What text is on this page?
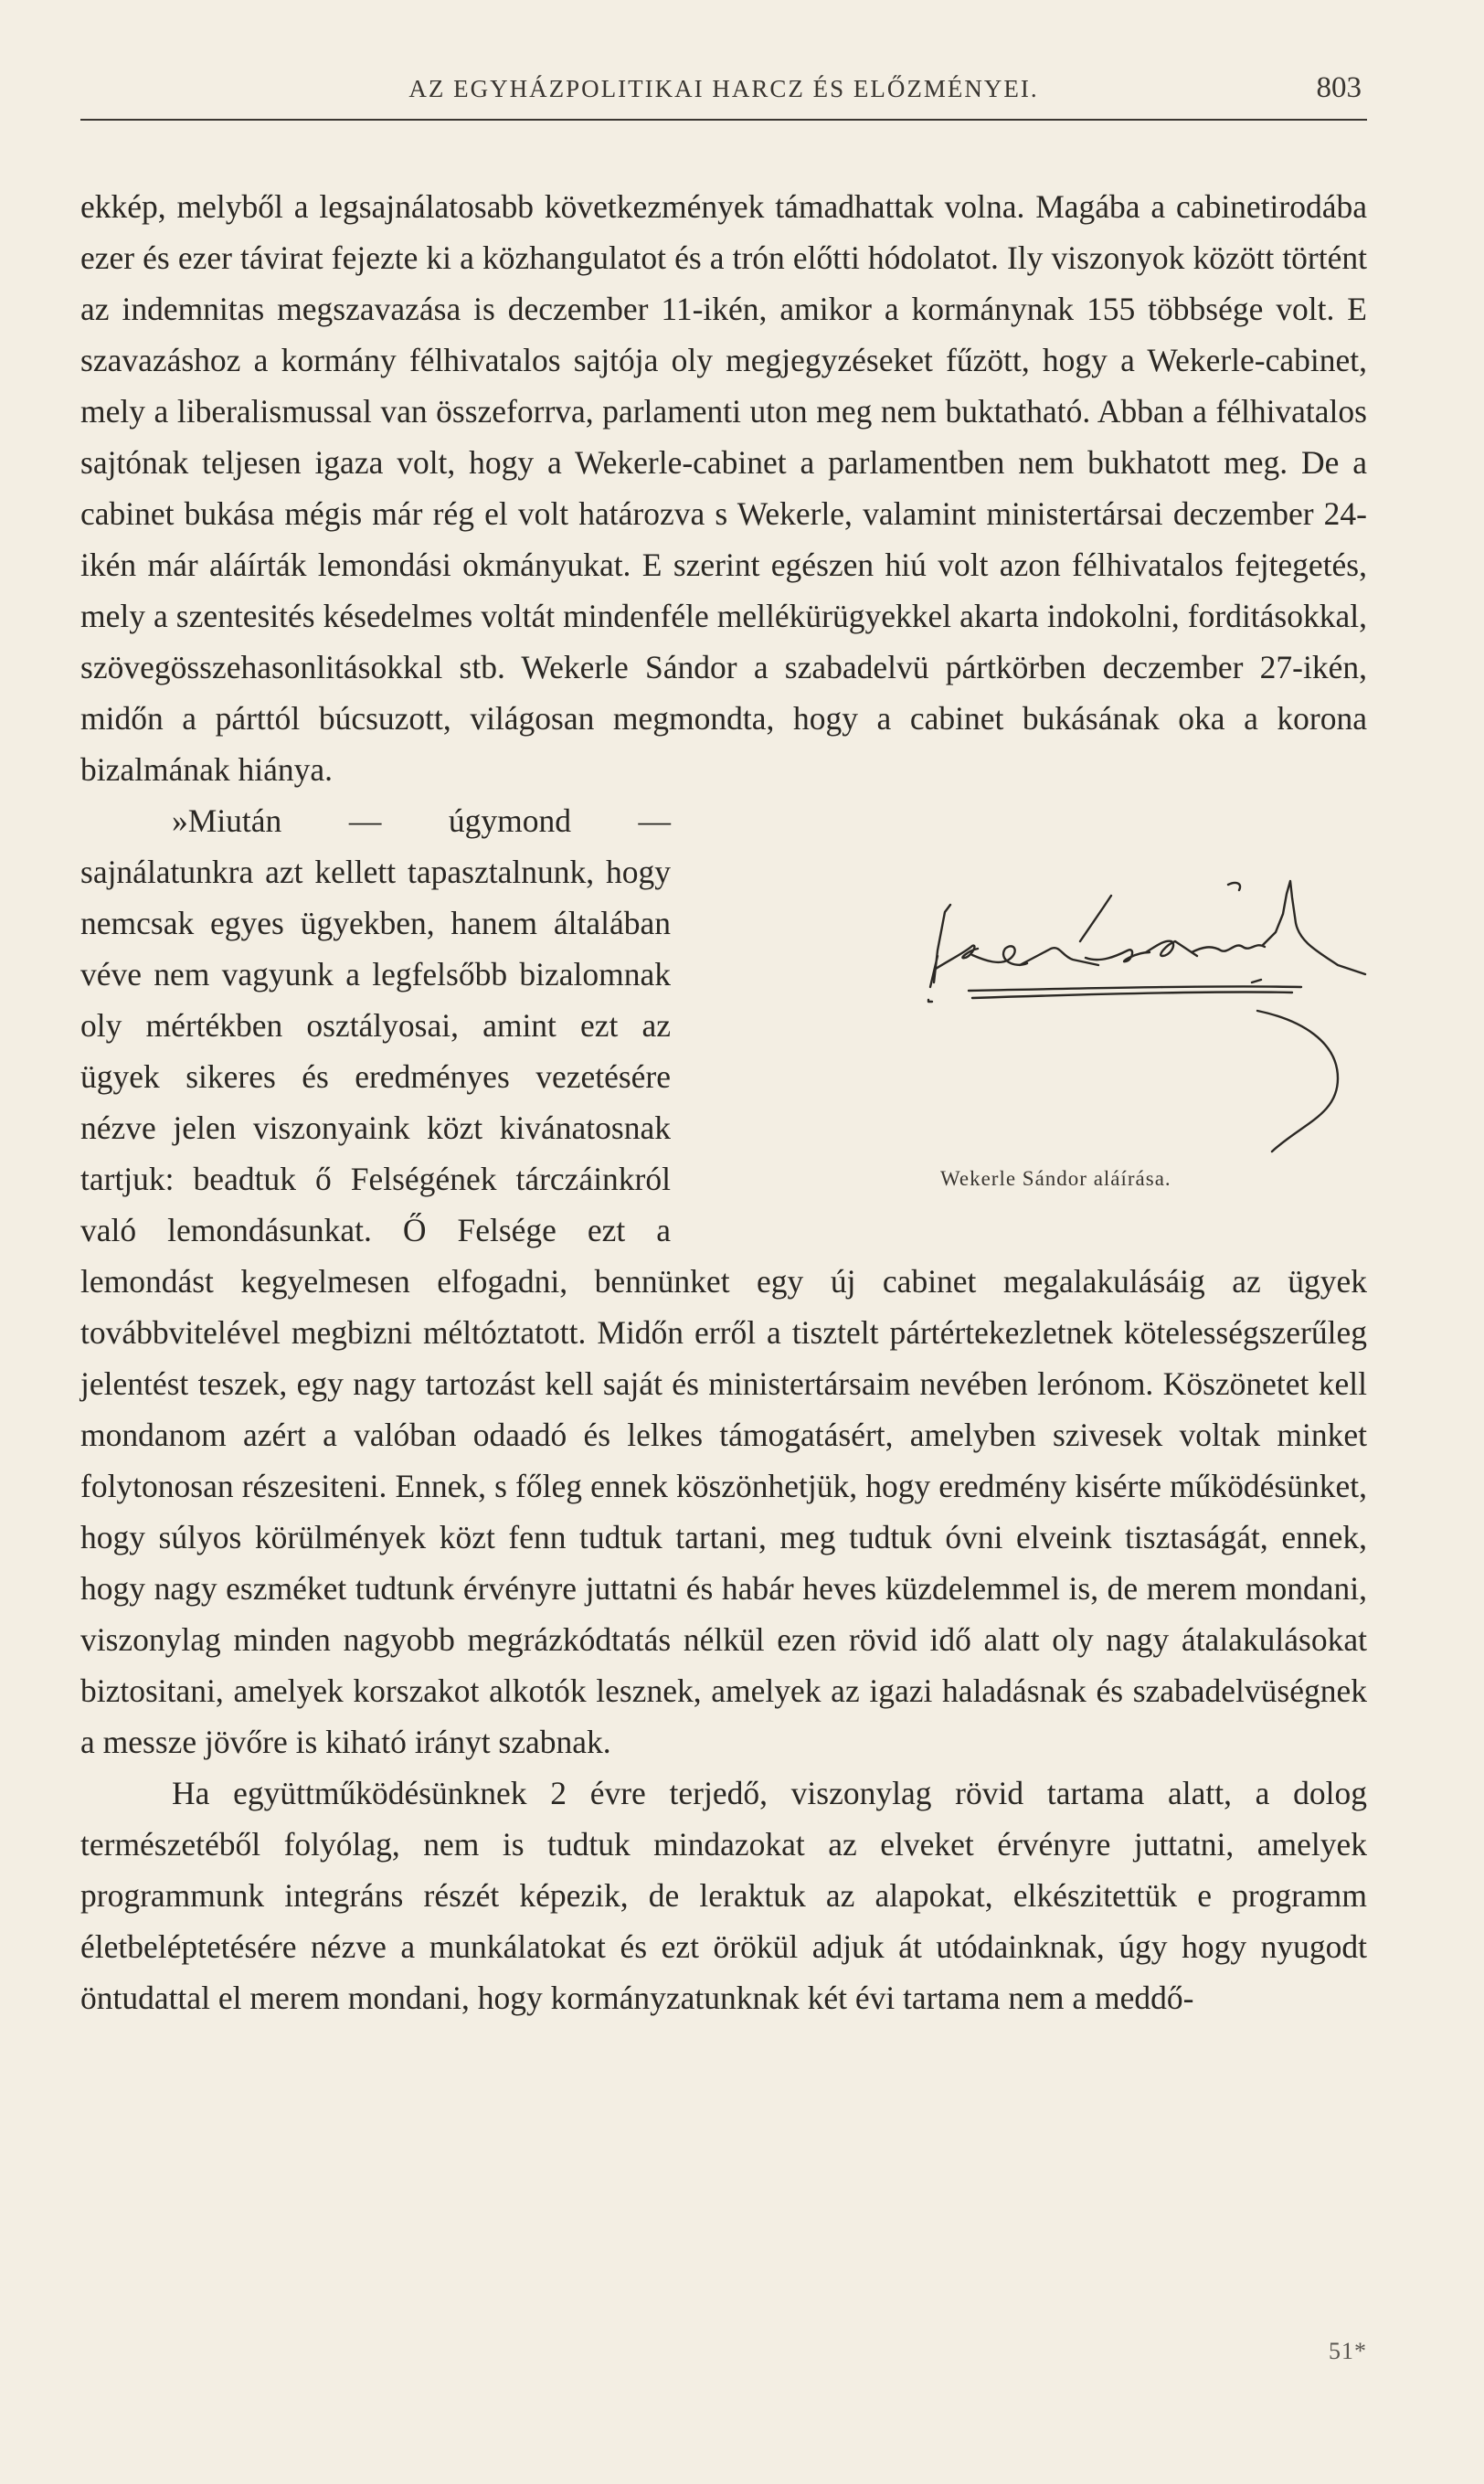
AZ EGYHÁZPOLITIKAI HARCZ ÉS ELŐZMÉNYEI.	803

ekkép, melyből a legsajnálatosabb következmények támadhattak volna. Magába a cabinetirodába ezer és ezer távirat fejezte ki a közhangulatot és a trón előtti hódolatot. Ily viszonyok között történt az indemnitas megszavazása is deczember 11-ikén, amikor a kormánynak 155 többsége volt. E szavazáshoz a kormány félhivatalos sajtója oly megjegyzéseket fűzött, hogy a Wekerle-cabinet, mely a liberalismussal van összeforrva, parlamenti uton meg nem buktatható. Abban a félhivatalos sajtónak teljesen igaza volt, hogy a Wekerle-cabinet a parlamentben nem bukhatott meg. De a cabinet bukása mégis már rég el volt határozva s Wekerle, valamint ministertársai deczember 24-ikén már aláírták lemondási okmányukat. E szerint egészen hiú volt azon félhivatalos fejtegetés, mely a szentesités késedelmes voltát mindenféle mellékürügyekkel akarta indokolni, forditásokkal, szövegösszehasonlitásokkal stb. Wekerle Sándor a szabadelvü pártkörben deczember 27-ikén, midőn a párttól búcsuzott, világosan megmondta, hogy a cabinet bukásának oka a korona bizalmának hiánya.

Wekerle Sándor aláírása.

»Miután — úgymond — sajnálatunkra azt kellett tapasztalnunk, hogy nemcsak egyes ügyekben, hanem általában véve nem vagyunk a legfelsőbb bizalomnak oly mértékben osztályosai, amint ezt az ügyek sikeres és eredményes vezetésére nézve jelen viszonyaink közt kivánatosnak tartjuk: beadtuk ő Felségének tárczáinkról való lemondásunkat. Ő Felsége ezt a lemondást kegyelmesen elfogadni, bennünket egy új cabinet megalakulásáig az ügyek továbbvitelével megbizni méltóztatott. Midőn erről a tisztelt pártértekezletnek kötelességszerűleg jelentést teszek, egy nagy tartozást kell saját és ministertársaim nevében lerónom. Köszönetet kell mondanom azért a valóban odaadó és lelkes támogatásért, amelyben szivesek voltak minket folytonosan részesiteni. Ennek, s főleg ennek köszönhetjük, hogy eredmény kisérte működésünket, hogy súlyos körülmények közt fenn tudtuk tartani, meg tudtuk óvni elveink tisztaságát, ennek, hogy nagy eszméket tudtunk érvényre juttatni és habár heves küzdelemmel is, de merem mondani, viszonylag minden nagyobb megrázkódtatás nélkül ezen rövid idő alatt oly nagy átalakulásokat biztositani, amelyek korszakot alkotók lesznek, amelyek az igazi haladásnak és szabadelvüségnek a messze jövőre is kiható irányt szabnak.

Ha együttműködésünknek 2 évre terjedő, viszonylag rövid tartama alatt, a dolog természetéből folyólag, nem is tudtuk mindazokat az elveket érvényre juttatni, amelyek programmunk integráns részét képezik, de leraktuk az alapokat, elkészitettük e programm életbeléptetésére nézve a munkálatokat és ezt örökül adjuk át utódainknak, úgy hogy nyugodt öntudattal el merem mondani, hogy kormányzatunknak két évi tartama nem a meddő-

51*
